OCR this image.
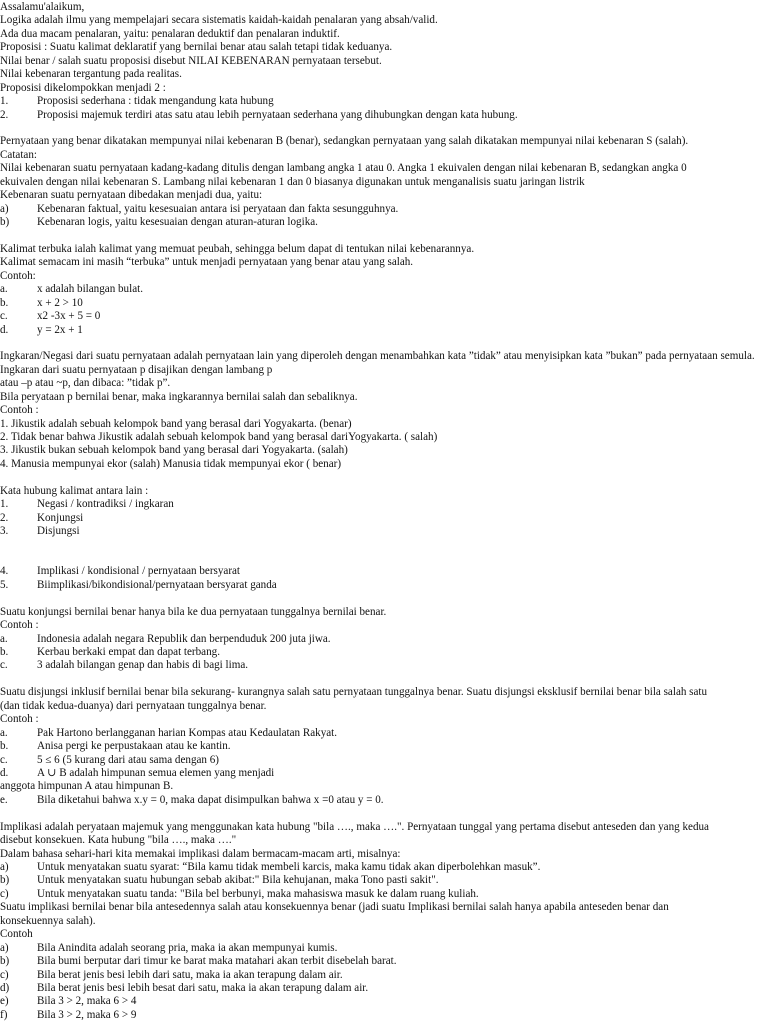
Assalamu'alaikum,
Logika adalah ilmu yang mempelajari secara sistematis kaidah-kaidah penalaran yang absah/valid.
Ada dua macam penalaran, yaitu: penalaran deduktif dan penalaran induktif.
Proposisi : Suatu kalimat deklaratif yang bernilai benar atau salah tetapi tidak keduanya.
Nilai benar / salah suatu proposisi disebut NILAI KEBENARAN pernyataan tersebut.
Nilai kebenaran tergantung pada realitas.
Proposisi dikelompokkan menjadi 2 :
1.	Proposisi sederhana : tidak mengandung kata hubung
2.	Proposisi majemuk terdiri atas satu atau lebih pernyataan sederhana yang dihubungkan dengan kata hubung.
Pernyataan yang benar dikatakan mempunyai nilai kebenaran B (benar), sedangkan pernyataan yang salah dikatakan mempunyai nilai kebenaran S (salah).
Catatan:
Nilai kebenaran suatu pernyataan kadang-kadang ditulis dengan lambang angka 1 atau 0. Angka 1 ekuivalen dengan nilai kebenaran B, sedangkan angka 0
ekuivalen dengan nilai kebenaran S. Lambang nilai kebenaran 1 dan 0 biasanya digunakan untuk menganalisis suatu jaringan listrik
Kebenaran suatu pernyataan dibedakan menjadi dua, yaitu:
a)	Kebenaran faktual, yaitu kesesuaian antara isi peryataan dan fakta sesungguhnya.
b)	Kebenaran logis, yaitu kesesuaian dengan aturan-aturan logika.
Kalimat terbuka ialah kalimat yang memuat peubah, sehingga belum dapat di tentukan nilai kebenarannya.
Kalimat semacam ini masih “terbuka” untuk menjadi pernyataan yang benar atau yang salah.
Contoh:
a.	x adalah bilangan bulat.
b.	x + 2 > 10
c.	x2 -3x + 5 = 0
d.	y = 2x + 1
Ingkaran/Negasi dari suatu pernyataan adalah pernyataan lain yang diperoleh dengan menambahkan kata ”tidak” atau menyisipkan kata ”bukan” pada pernyataan semula.
Ingkaran dari suatu pernyataan p disajikan dengan lambang p
atau –p atau ~p, dan dibaca: ”tidak p”.
Bila peryataan p bernilai benar, maka ingkarannya bernilai salah dan sebaliknya.
Contoh :
1. Jikustik adalah sebuah kelompok band yang berasal dari Yogyakarta. (benar)
2. Tidak benar bahwa Jikustik adalah sebuah kelompok band yang berasal dariYogyakarta. ( salah)
3. Jikustik bukan sebuah kelompok band yang berasal dari Yogyakarta. (salah)
4. Manusia mempunyai ekor (salah) Manusia tidak mempunyai ekor ( benar)
Kata hubung kalimat antara lain :
1.	Negasi / kontradiksi / ingkaran
2.	Konjungsi
3.	Disjungsi
4.	Implikasi / kondisional / pernyataan bersyarat
5.	Biimplikasi/bikondisional/pernyataan bersyarat ganda
Suatu konjungsi bernilai benar hanya bila ke dua pernyataan tunggalnya bernilai benar.
Contoh :
a.	Indonesia adalah negara Republik dan berpenduduk 200 juta jiwa.
b.	Kerbau berkaki empat dan dapat terbang.
c.	3 adalah bilangan genap dan habis di bagi lima.
Suatu disjungsi inklusif bernilai benar bila sekurang- kurangnya salah satu pernyataan tunggalnya benar. Suatu disjungsi eksklusif bernilai benar bila salah satu
(dan tidak kedua-duanya) dari pernyataan tunggalnya benar.
Contoh :
a.	Pak Hartono berlangganan harian Kompas atau Kedaulatan Rakyat.
b.	Anisa pergi ke perpustakaan atau ke kantin.
c.	5 ≤ 6 (5 kurang dari atau sama dengan 6)
d.	A ∪ B adalah himpunan semua elemen yang menjadi
anggota himpunan A atau himpunan B.
e.	Bila diketahui bahwa x.y = 0, maka dapat disimpulkan bahwa x =0 atau y = 0.
Implikasi adalah peryataan majemuk yang menggunakan kata hubung "bila …., maka ….". Pernyataan tunggal yang pertama disebut anteseden dan yang kedua
disebut konsekuen. Kata hubung "bila …., maka …."
Dalam bahasa sehari-hari kita memakai implikasi dalam bermacam-macam arti, misalnya:
a)	Untuk menyatakan suatu syarat: “Bila kamu tidak membeli karcis, maka kamu tidak akan diperbolehkan masuk”.
b)	Untuk menyatakan suatu hubungan sebab akibat:" Bila kehujanan, maka Tono pasti sakit".
c)	Untuk menyatakan suatu tanda: "Bila bel berbunyi, maka mahasiswa masuk ke dalam ruang kuliah.
Suatu implikasi bernilai benar bila antesedennya salah atau konsekuennya benar (jadi suatu Implikasi bernilai salah hanya apabila anteseden benar dan
konsekuennya salah).
Contoh
a)	Bila Anindita adalah seorang pria, maka ia akan mempunyai kumis.
b)	Bila bumi berputar dari timur ke barat maka matahari akan terbit disebelah barat.
c)	Bila berat jenis besi lebih dari satu, maka ia akan terapung dalam air.
d)	Bila berat jenis besi lebih besat dari satu, maka ia akan terapung dalam air.
e)	Bila 3 > 2, maka 6 > 4
f)	Bila 3 > 2, maka 6 > 9
